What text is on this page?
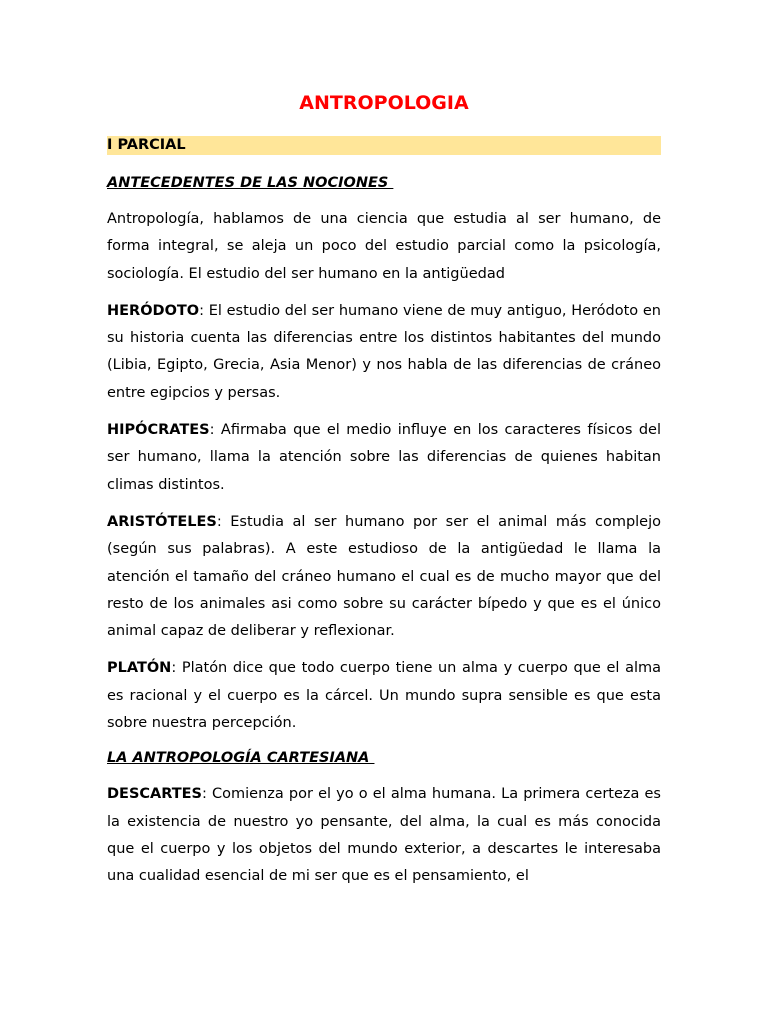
ANTROPOLOGIA
I PARCIAL
ANTECEDENTES DE LAS NOCIONES

Antropología, hablamos de una ciencia que estudia al ser humano, de forma integral, se aleja un poco del estudio parcial como la psicología, sociología. El estudio del ser humano en la antigüedad

HERÓDOTO: El estudio del ser humano viene de muy antiguo, Heródoto en su historia cuenta las diferencias entre los distintos habitantes del mundo (Libia, Egipto, Grecia, Asia Menor) y nos habla de las diferencias de cráneo entre egipcios y persas.

HIPÓCRATES: Afirmaba que el medio influye en los caracteres físicos del ser humano, llama la atención sobre las diferencias de quienes habitan climas distintos.

ARISTÓTELES: Estudia al ser humano por ser el animal más complejo (según sus palabras). A este estudioso de la antigüedad le llama la atención el tamaño del cráneo humano el cual es de mucho mayor que del resto de los animales asi como sobre su carácter bípedo y que es el único animal capaz de deliberar y reflexionar.

PLATÓN: Platón dice que todo cuerpo tiene un alma y cuerpo que el alma es racional y el cuerpo es la cárcel. Un mundo supra sensible es que esta sobre nuestra percepción.

LA ANTROPOLOGÍA CARTESIANA

DESCARTES: Comienza por el yo o el alma humana. La primera certeza es la existencia de nuestro yo pensante, del alma, la cual es más conocida que el cuerpo y los objetos del mundo exterior, a descartes le interesaba una cualidad esencial de mi ser que es el pensamiento, el
